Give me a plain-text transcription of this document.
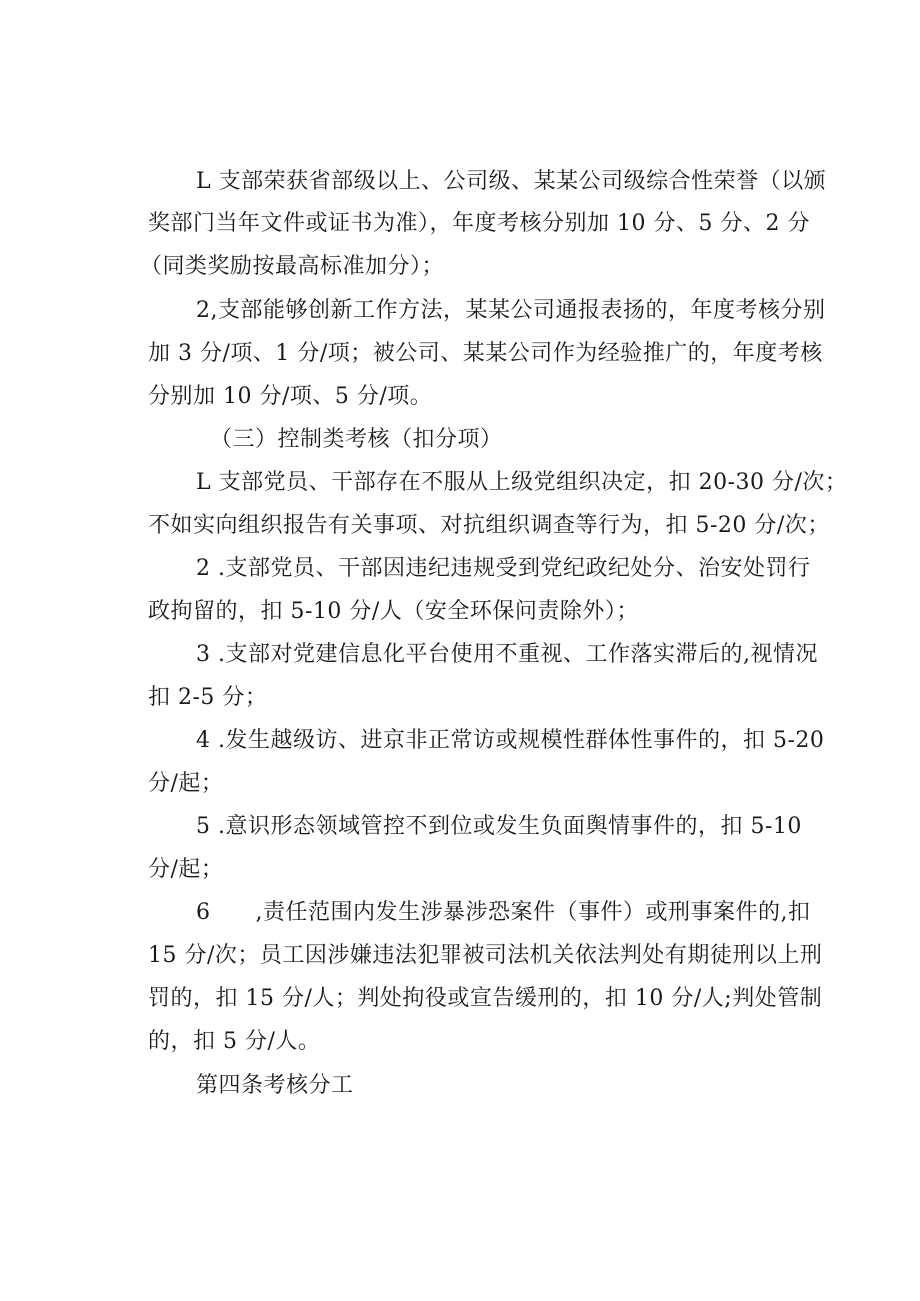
L 支部荣获省部级以上、公司级、某某公司级综合性荣誉（以颁
奖部门当年文件或证书为准），年度考核分别加 10 分、5 分、2 分
（同类奖励按最高标准加分）；
2,支部能够创新工作方法，某某公司通报表扬的，年度考核分别
加 3 分/项、1 分/项；被公司、某某公司作为经验推广的，年度考核
分别加 10 分/项、5 分/项。
（三）控制类考核（扣分项）
L 支部党员、干部存在不服从上级党组织决定，扣 20-30 分/次；
不如实向组织报告有关事项、对抗组织调查等行为，扣 5-20 分/次；
2 .支部党员、干部因违纪违规受到党纪政纪处分、治安处罚行
政拘留的，扣 5-10 分/人（安全环保问责除外）；
3 .支部对党建信息化平台使用不重视、工作落实滞后的,视情况
扣 2-5 分；
4 .发生越级访、进京非正常访或规模性群体性事件的，扣 5-20
分/起；
5 .意识形态领域管控不到位或发生负面舆情事件的，扣 5-10
分/起；
6　　,责任范围内发生涉暴涉恐案件（事件）或刑事案件的,扣
15 分/次；员工因涉嫌违法犯罪被司法机关依法判处有期徒刑以上刑
罚的，扣 15 分/人；判处拘役或宣告缓刑的，扣 10 分/人;判处管制
的，扣 5 分/人。
第四条考核分工
